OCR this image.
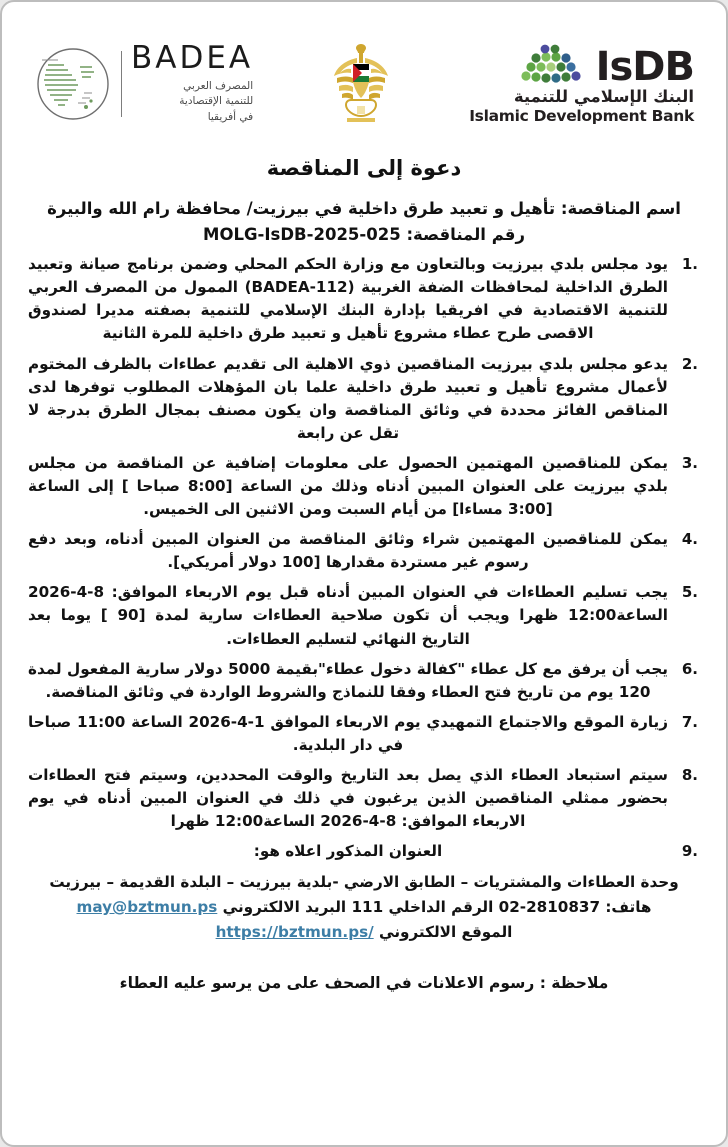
IsDB
البنك الإسلامي للتنمية
Islamic Development Bank
BADEA
المصرف العربي
للتنمية الإقتصادية
في أفريقيا
دعوة إلى المناقصة
اسم المناقصة: تأهيل و تعبيد طرق داخلية في بيرزيت/ محافظة رام الله والبيرة
رقم المناقصة: MOLG-IsDB-2025-025
يود مجلس بلدي بيرزيت وبالتعاون مع وزارة الحكم المحلي وضمن برنامج صيانة وتعبيد الطرق الداخلية لمحافظات الضفة الغربية (BADEA-112) الممول من المصرف العربي للتنمية الاقتصادية في افريقيا بإدارة البنك الإسلامي للتنمية بصفته مديرا لصندوق الاقصى طرح عطاء مشروع تأهيل و تعبيد طرق داخلية للمرة الثانية
يدعو مجلس بلدي بيرزيت المناقصين ذوي الاهلية الى تقديم عطاءات بالظرف المختوم لأعمال مشروع تأهيل و تعبيد طرق داخلية علما بان المؤهلات المطلوب توفرها لدى المناقص الفائز محددة في وثائق المناقصة وان يكون مصنف بمجال الطرق بدرجة لا تقل عن رابعة
يمكن للمناقصين المهتمين الحصول على معلومات إضافية عن المناقصة من مجلس بلدي بيرزيت على العنوان المبين أدناه وذلك من الساعة [8:00 صباحا ] إلى الساعة [3:00 مساءا] من أيام السبت ومن الاثنين الى الخميس.
يمكن للمناقصين المهتمين شراء وثائق المناقصة من العنوان المبين أدناه، وبعد دفع رسوم غير مستردة مقدارها [100 دولار أمريكي].
يجب تسليم العطاءات في العنوان المبين أدناه قبل يوم الاربعاء الموافق: 8-4-2026 الساعة12:00 ظهرا ويجب أن تكون صلاحية العطاءات سارية لمدة [90 ] يوما بعد التاريخ النهائي لتسليم العطاءات.
يجب أن يرفق مع كل عطاء "كفالة دخول عطاء"بقيمة 5000 دولار سارية المفعول لمدة 120 يوم من تاريخ فتح العطاء وفقا للنماذج والشروط الواردة في وثائق المناقصة.
زيارة الموقع والاجتماع التمهيدي يوم الاربعاء الموافق 1-4-2026 الساعة 11:00 صباحا في دار البلدية.
سيتم استبعاد العطاء الذي يصل بعد التاريخ والوقت المحددين، وسيتم فتح العطاءات بحضور ممثلي المناقصين الذين يرغبون في ذلك في العنوان المبين أدناه في يوم الاربعاء الموافق: 8-4-2026 الساعة12:00 ظهرا
العنوان المذكور اعلاه هو:
وحدة العطاءات والمشتريات – الطابق الارضي -بلدية بيرزيت – البلدة القديمة – بيرزيت
هاتف: 02-2810837 الرقم الداخلي 111 البريد الالكتروني may@bztmun.ps
الموقع الالكتروني https://bztmun.ps/
ملاحظة : رسوم الاعلانات في الصحف على من يرسو عليه العطاء
